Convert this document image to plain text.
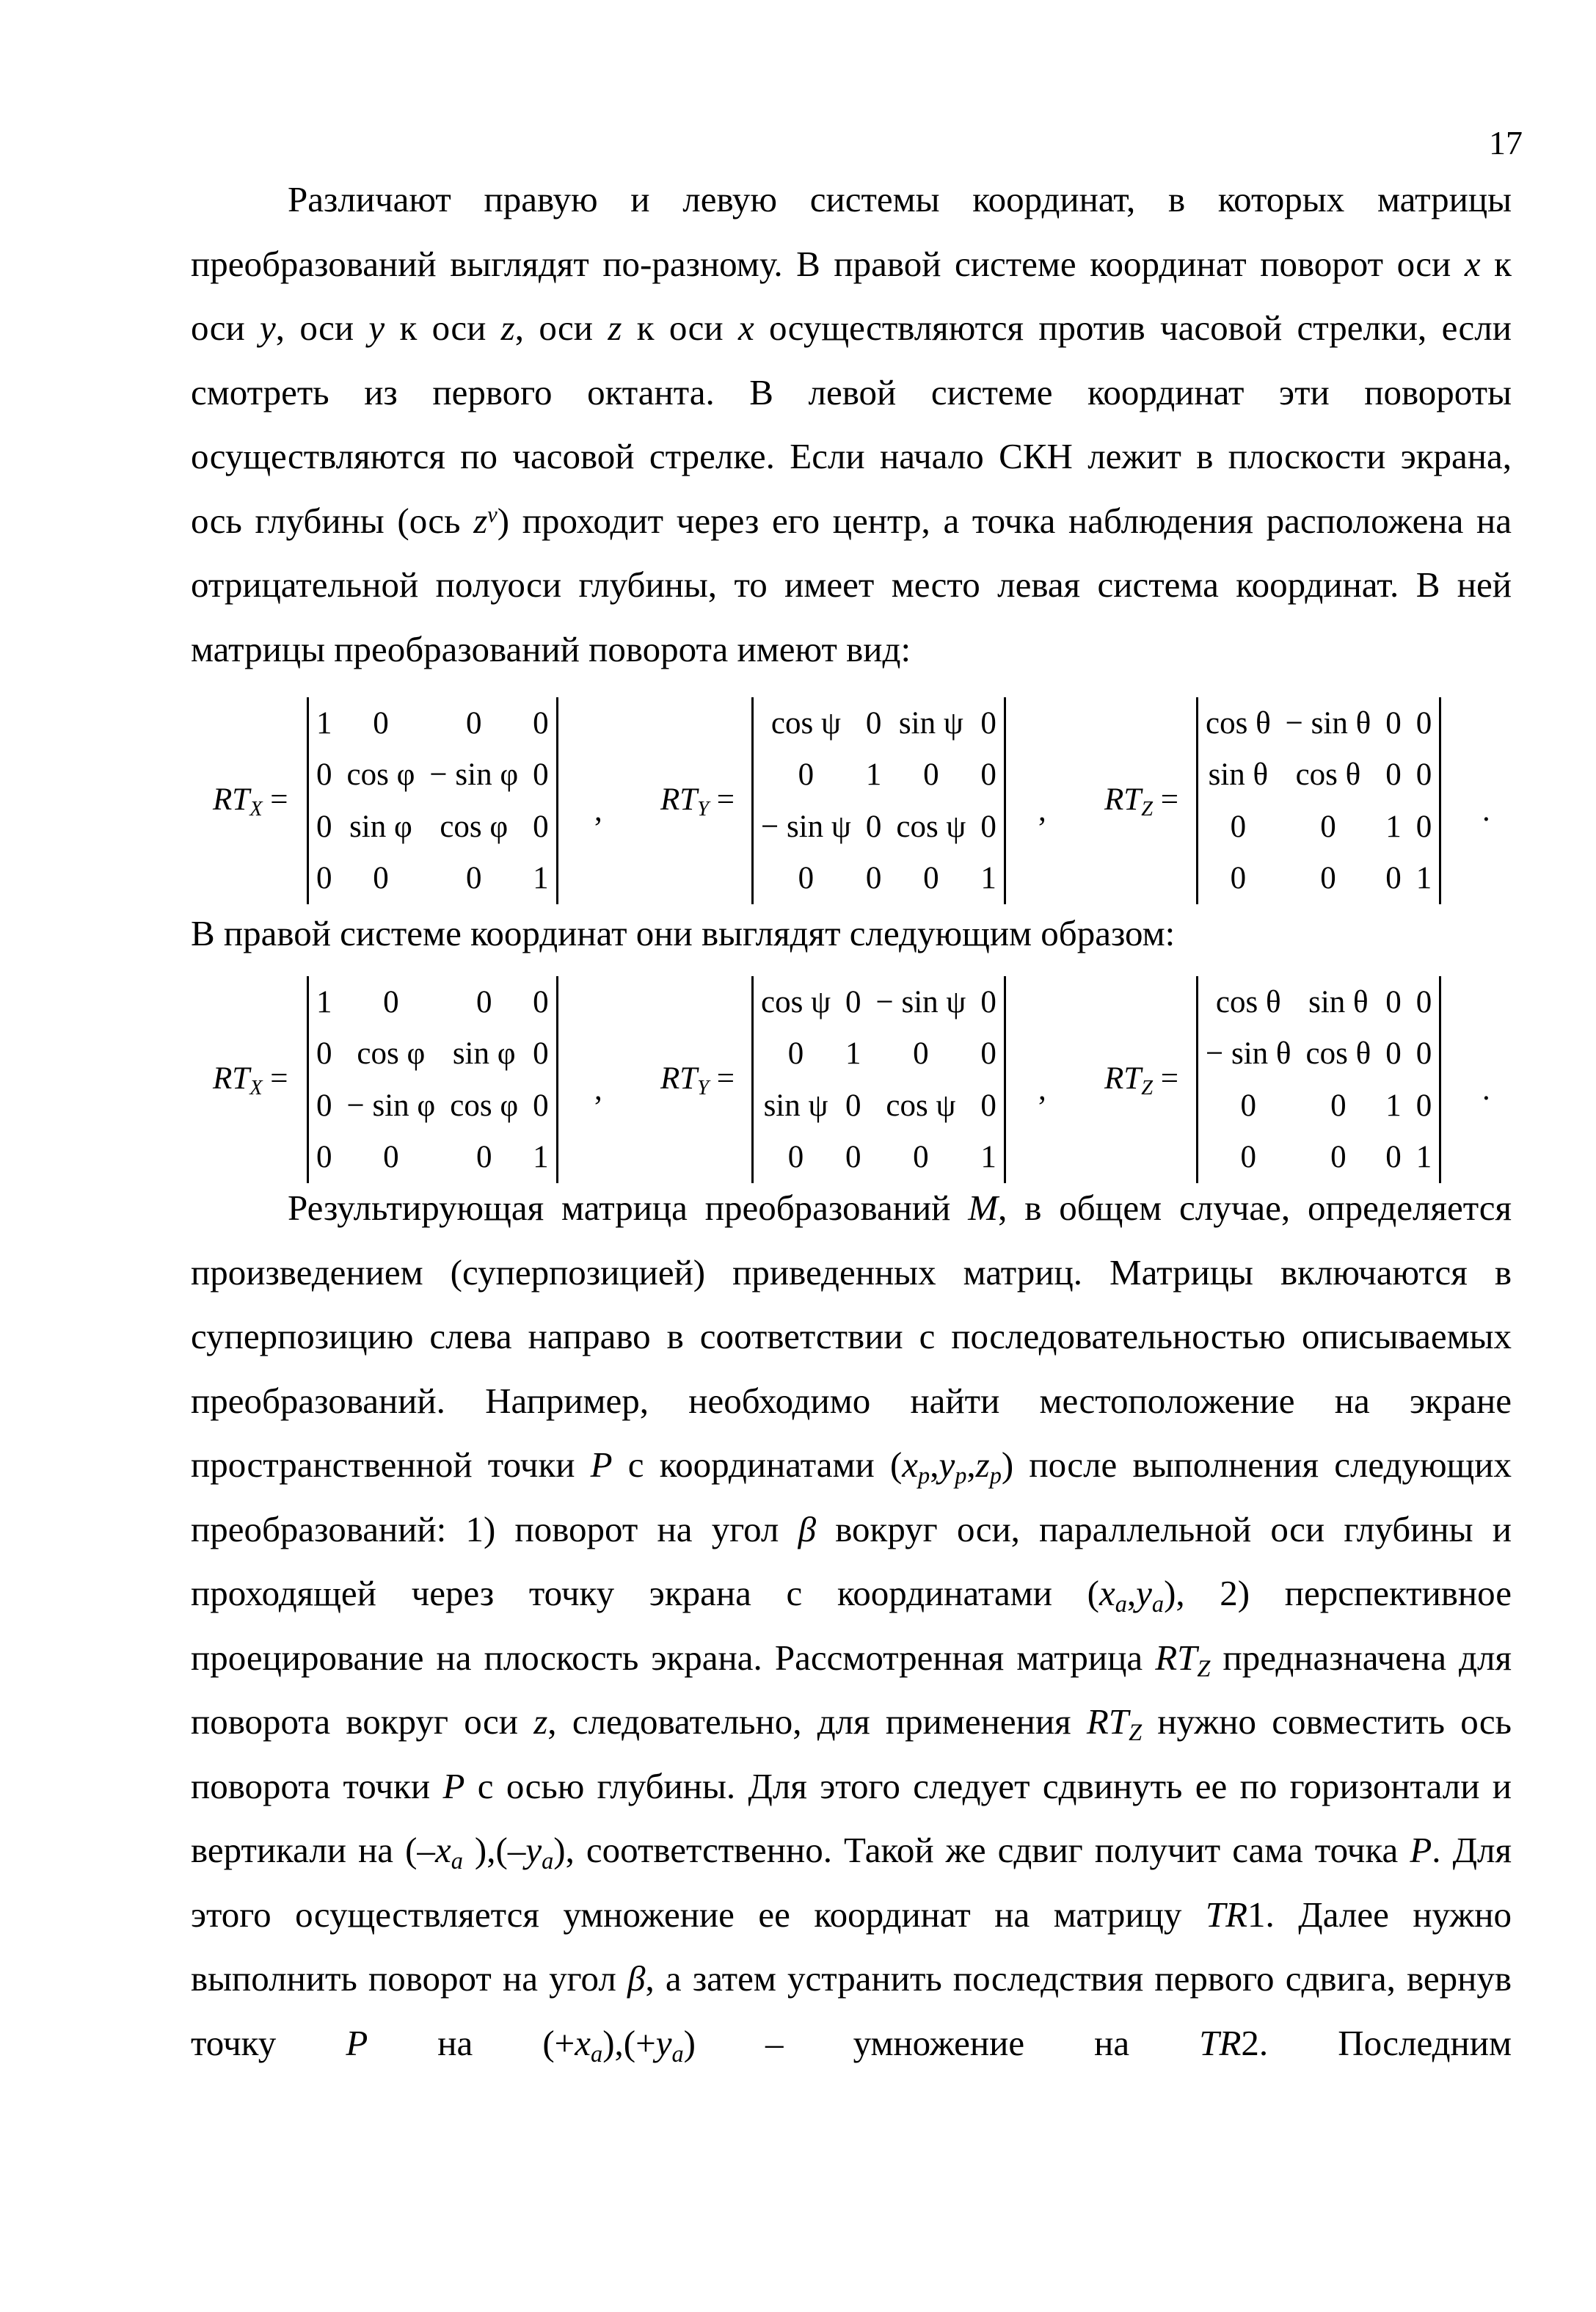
17

Различают правую и левую системы координат, в которых матрицы преобразований выглядят по-разному. В правой системе координат поворот оси x к оси y, оси y к оси z, оси z к оси x осуществляются против часовой стрелки, если смотреть из первого октанта. В левой системе координат эти повороты осуществляются по часовой стрелке. Если начало СКН лежит в плоскости экрана, ось глубины (ось $z^v$) проходит через его центр, а точка наблюдения расположена на отрицательной полуоси глубины, то имеет место левая система координат. В ней матрицы преобразований поворота имеют вид:

$RT_X$ =
1	0	0	0
0	cos φ	− sin φ	0
0	sin φ	cos φ	0
0	0	0	1
, $RT_Y$ =
cos ψ	0	sin ψ	0
0	1	0	0
− sin ψ	0	cos ψ	0
0	0	0	1
, $RT_Z$ =
cos θ	− sin θ	0	0
sin θ	cos θ	0	0
0	0	1	0
0	0	0	1
.
В правой системе координат они выглядят следующим образом:
$RT_X$ =
1	0	0	0
0	cos φ	sin φ	0
0	− sin φ	cos φ	0
0	0	0	1
, $RT_Y$ =
cos ψ	0	− sin ψ	0
0	1	0	0
sin ψ	0	cos ψ	0
0	0	0	1
, $RT_Z$ =
cos θ	sin θ	0	0
− sin θ	cos θ	0	0
0	0	1	0
0	0	0	1
.

Результирующая матрица преобразований M, в общем случае, определяется произведением (суперпозицией) приведенных матриц. Матрицы включаются в суперпозицию слева направо в соответствии с последовательностью описываемых преобразований. Например, необходимо найти местоположение на экране пространственной точки P с координатами $(x_p,y_p,z_p)$ после выполнения следующих преобразований: 1) поворот на угол β вокруг оси, параллельной оси глубины и проходящей через точку экрана с координатами $(x_a,y_a)$, 2) перспективное проецирование на плоскость экрана. Рассмотренная матрица $RT_Z$ предназначена для поворота вокруг оси z, следовательно, для применения $RT_Z$ нужно совместить ось поворота точки P с осью глубины. Для этого следует сдвинуть ее по горизонтали и вертикали на ($-x_a$ )$,(-y_a)$, соответственно. Такой же сдвиг получит сама точка P. Для этого осуществляется умножение ее координат на матрицу TR1. Далее нужно выполнить поворот на угол β, а затем устранить последствия первого сдвига, вернув точку P на $(+x_a),(+y_a)$ – умножение на TR2. Последним
